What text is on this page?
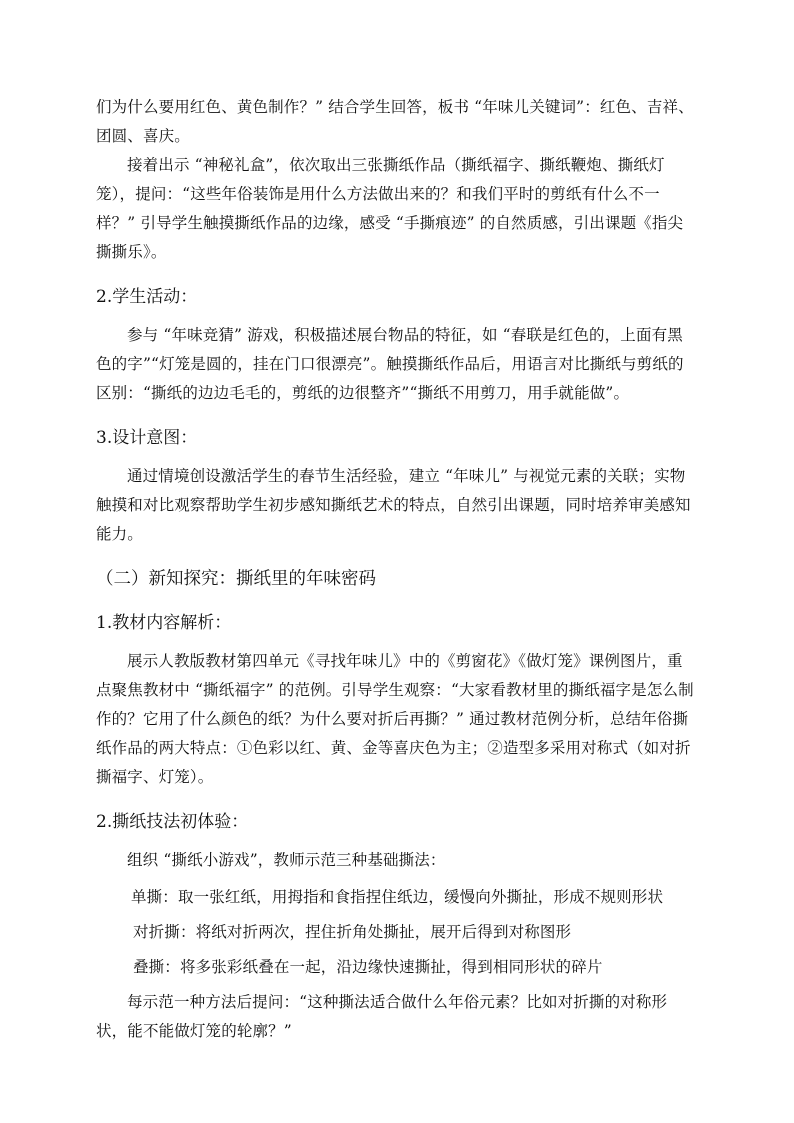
们为什么要用红色、黄色制作？” 结合学生回答，板书 “年味儿关键词”：红色、吉祥、团圆、喜庆。

接着出示 “神秘礼盒”，依次取出三张撕纸作品（撕纸福字、撕纸鞭炮、撕纸灯笼），提问：“这些年俗装饰是用什么方法做出来的？和我们平时的剪纸有什么不一样？” 引导学生触摸撕纸作品的边缘，感受 “手撕痕迹” 的自然质感，引出课题《指尖撕撕乐》。

2.学生活动：

参与 “年味竞猜” 游戏，积极描述展台物品的特征，如 “春联是红色的，上面有黑色的字”“灯笼是圆的，挂在门口很漂亮”。触摸撕纸作品后，用语言对比撕纸与剪纸的区别：“撕纸的边边毛毛的，剪纸的边很整齐”“撕纸不用剪刀，用手就能做”。

3.设计意图：

通过情境创设激活学生的春节生活经验，建立 “年味儿” 与视觉元素的关联；实物触摸和对比观察帮助学生初步感知撕纸艺术的特点，自然引出课题，同时培养审美感知能力。

（二）新知探究：撕纸里的年味密码
1.教材内容解析：

展示人教版教材第四单元《寻找年味儿》中的《剪窗花》《做灯笼》课例图片，重点聚焦教材中 “撕纸福字” 的范例。引导学生观察：“大家看教材里的撕纸福字是怎么制作的？它用了什么颜色的纸？为什么要对折后再撕？” 通过教材范例分析，总结年俗撕纸作品的两大特点：①色彩以红、黄、金等喜庆色为主；②造型多采用对称式（如对折撕福字、灯笼）。

2.撕纸技法初体验：

组织 “撕纸小游戏”，教师示范三种基础撕法：

单撕：取一张红纸，用拇指和食指捏住纸边，缓慢向外撕扯，形成不规则形状

对折撕：将纸对折两次，捏住折角处撕扯，展开后得到对称图形

叠撕：将多张彩纸叠在一起，沿边缘快速撕扯，得到相同形状的碎片

每示范一种方法后提问：“这种撕法适合做什么年俗元素？比如对折撕的对称形状，能不能做灯笼的轮廓？”
